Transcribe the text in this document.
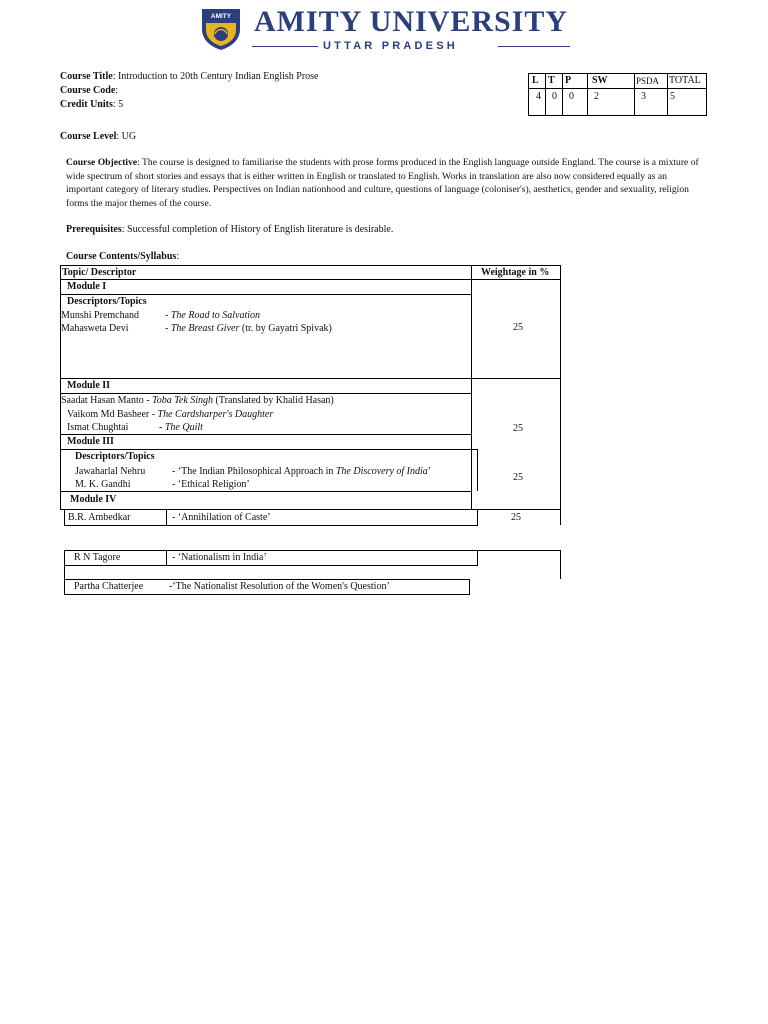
AMITY AMITY UNIVERSITY
UTTAR PRADESH
Course Title: Introduction to 20th Century Indian English Prose
Course Code:
Credit Units: 5
Course Level: UG
L T P SW	PSDA TOTAL
4 0 0 2	3 5
Course Objective: The course is designed to familiarise the students with prose forms produced in the English language outside England. The course is a mixture of wide spectrum of short stories and essays that is either written in English or translated to English. Works in translation are also now considered equally as an important category of literary studies. Perspectives on Indian nationhood and culture, questions of language (coloniser's), aesthetics, gender and sexuality, religion forms the major themes of the course.
Prerequisites: Successful completion of History of English literature is desirable.
Course Contents/Syllabus:
Topic/ Descriptor	Weightage in %
Module I
Descriptors/Topics
Munshi Premchand	- The Road to Salvation
Mahasweta Devi	- The Breast Giver (tr. by Gayatri Spivak)	25
Module II
Saadat Hasan Manto - Toba Tek Singh (Translated by Khalid Hasan)
Vaikom Md Basheer - The Cardsharper's Daughter
Ismat Chughtai	- The Quilt	25
Module III
Descriptors/Topics
Jawaharlal Nehru	- ‘The Indian Philosophical Approach in The Discovery of India’
M. K. Gandhi	- ‘Ethical Religion’
25
Module IV
B.R. Ambedkar	- ‘Annihilation of Caste’	25
R N Tagore	- ‘Nationalism in India’
Partha Chatterjee	-‘The Nationalist Resolution of the Women's Question’
